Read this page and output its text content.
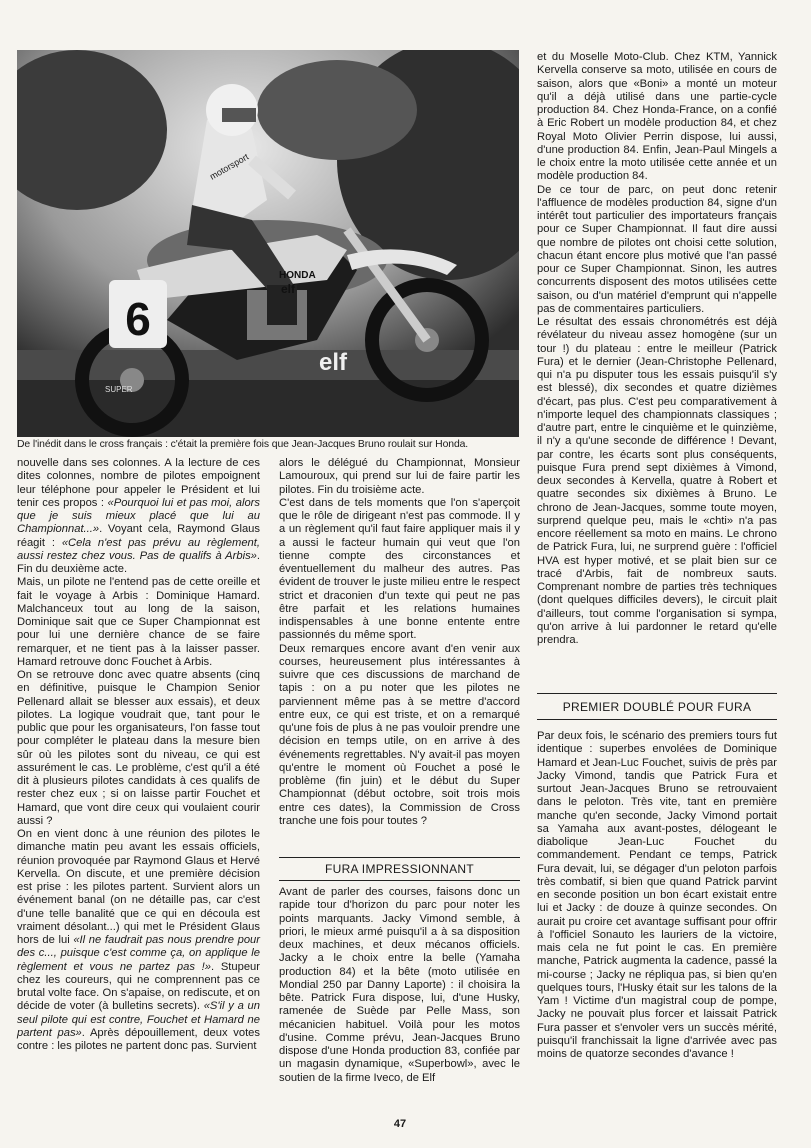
6
motorsport
HONDA
elf
elf
SUPER
De l'inédit dans le cross français : c'était la première fois que Jean-Jacques Bruno roulait sur Honda.

nouvelle dans ses colonnes. A la lecture de ces dites colonnes, nombre de pilotes empoignent leur téléphone pour appeler le Président et lui tenir ces propos : «Pourquoi lui et pas moi, alors que je suis mieux placé que lui au Championnat...». Voyant cela, Raymond Glaus réagit : «Cela n'est pas prévu au règlement, aussi restez chez vous. Pas de qualifs à Arbis». Fin du deuxième acte.

Mais, un pilote ne l'entend pas de cette oreille et fait le voyage à Arbis : Dominique Hamard. Malchanceux tout au long de la saison, Dominique sait que ce Super Championnat est pour lui une dernière chance de se faire remarquer, et ne tient pas à la laisser passer. Hamard retrouve donc Fouchet à Arbis.

On se retrouve donc avec quatre absents (cinq en définitive, puisque le Champion Senior Pellenard allait se blesser aux essais), et deux pilotes. La logique voudrait que, tant pour le public que pour les organisateurs, l'on fasse tout pour compléter le plateau dans la mesure bien sûr où les pilotes sont du niveau, ce qui est assurément le cas. Le problème, c'est qu'il a été dit à plusieurs pilotes candidats à ces qualifs de rester chez eux ; si on laisse partir Fouchet et Hamard, que vont dire ceux qui voulaient courir aussi ?

On en vient donc à une réunion des pilotes le dimanche matin peu avant les essais officiels, réunion provoquée par Raymond Glaus et Hervé Kervella. On discute, et une première décision est prise : les pilotes partent. Survient alors un événement banal (on ne détaille pas, car c'est d'une telle banalité que ce qui en découla est vraiment désolant...) qui met le Président Glaus hors de lui «Il ne faudrait pas nous prendre pour des c..., puisque c'est comme ça, on applique le règlement et vous ne partez pas !». Stupeur chez les coureurs, qui ne comprennent pas ce brutal volte face. On s'apaise, on rediscute, et on décide de voter (à bulletins secrets). «S'il y a un seul pilote qui est contre, Fouchet et Hamard ne partent pas». Après dépouillement, deux votes contre : les pilotes ne partent donc pas. Survient

alors le délégué du Championnat, Monsieur Lamouroux, qui prend sur lui de faire partir les pilotes. Fin du troisième acte.

C'est dans de tels moments que l'on s'aperçoit que le rôle de dirigeant n'est pas commode. Il y a un règlement qu'il faut faire appliquer mais il y a aussi le facteur humain qui veut que l'on tienne compte des circonstances et éventuellement du malheur des autres. Pas évident de trouver le juste milieu entre le respect strict et draconien d'un texte qui peut ne pas être parfait et les relations humaines indispensables à une bonne entente entre passionnés du même sport.

Deux remarques encore avant d'en venir aux courses, heureusement plus intéressantes à suivre que ces discussions de marchand de tapis : on a pu noter que les pilotes ne parviennent même pas à se mettre d'accord entre eux, ce qui est triste, et on a remarqué qu'une fois de plus à ne pas vouloir prendre une décision en temps utile, on en arrive à des événements regrettables. N'y avait-il pas moyen qu'entre le moment où Fouchet a posé le problème (fin juin) et le début du Super Championnat (début octobre, soit trois mois entre ces dates), la Commission de Cross tranche une fois pour toutes ?

FURA IMPRESSIONNANT

Avant de parler des courses, faisons donc un rapide tour d'horizon du parc pour noter les points marquants. Jacky Vimond semble, à priori, le mieux armé puisqu'il a à sa disposition deux machines, et deux mécanos officiels. Jacky a le choix entre la belle (Yamaha production 84) et la bête (moto utilisée en Mondial 250 par Danny Laporte) : il choisira la bête. Patrick Fura dispose, lui, d'une Husky, ramenée de Suède par Pelle Mass, son mécanicien habituel. Voilà pour les motos d'usine. Comme prévu, Jean-Jacques Bruno dispose d'une Honda production 83, confiée par un magasin dynamique, «Superbowl», avec le soutien de la firme Iveco, de Elf

et du Moselle Moto-Club. Chez KTM, Yannick Kervella conserve sa moto, utilisée en cours de saison, alors que «Boni» a monté un moteur qu'il a déjà utilisé dans une partie-cycle production 84. Chez Honda-France, on a confié à Eric Robert un modèle production 84, et chez Royal Moto Olivier Perrin dispose, lui aussi, d'une production 84. Enfin, Jean-Paul Mingels a le choix entre la moto utilisée cette année et un modèle production 84.

De ce tour de parc, on peut donc retenir l'affluence de modèles production 84, signe d'un intérêt tout particulier des importateurs français pour ce Super Championnat. Il faut dire aussi que nombre de pilotes ont choisi cette solution, chacun étant encore plus motivé que l'an passé pour ce Super Championnat. Sinon, les autres concurrents disposent des motos utilisées cette saison, ou d'un matériel d'emprunt qui n'appelle pas de commentaires particuliers.

Le résultat des essais chronométrés est déjà révélateur du niveau assez homogène (sur un tour !) du plateau : entre le meilleur (Patrick Fura) et le dernier (Jean-Christophe Pellenard, qui n'a pu disputer tous les essais puisqu'il s'y est blessé), dix secondes et quatre dizièmes d'écart, pas plus. C'est peu comparativement à n'importe lequel des championnats classiques ; d'autre part, entre le cinquième et le quinzième, il n'y a qu'une seconde de différence ! Devant, par contre, les écarts sont plus conséquents, puisque Fura prend sept dixièmes à Vimond, deux secondes à Kervella, quatre à Robert et quatre secondes six dixièmes à Bruno. Le chrono de Jean-Jacques, somme toute moyen, surprend quelque peu, mais le «chti» n'a pas encore réellement sa moto en mains. Le chrono de Patrick Fura, lui, ne surprend guère : l'officiel HVA est hyper motivé, et se plait bien sur ce tracé d'Arbis, fait de nombreux sauts. Comprenant nombre de parties très techniques (dont quelques difficiles devers), le circuit plait d'ailleurs, tout comme l'organisation si sympa, qu'on arrive à lui pardonner le retard qu'elle prendra.

PREMIER DOUBLÉ POUR FURA

Par deux fois, le scénario des premiers tours fut identique : superbes envolées de Dominique Hamard et Jean-Luc Fouchet, suivis de près par Jacky Vimond, tandis que Patrick Fura et surtout Jean-Jacques Bruno se retrouvaient dans le peloton. Très vite, tant en première manche qu'en seconde, Jacky Vimond portait sa Yamaha aux avant-postes, délogeant le diabolique Jean-Luc Fouchet du commandement. Pendant ce temps, Patrick Fura devait, lui, se dégager d'un peloton parfois très combatif, si bien que quand Patrick parvint en seconde position un bon écart existait entre lui et Jacky : de douze à quinze secondes. On aurait pu croire cet avantage suffisant pour offrir à l'officiel Sonauto les lauriers de la victoire, mais cela ne fut point le cas. En première manche, Patrick augmenta la cadence, passé la mi-course ; Jacky ne répliqua pas, si bien qu'en quelques tours, l'Husky était sur les talons de la Yam ! Victime d'un magistral coup de pompe, Jacky ne pouvait plus forcer et laissait Patrick Fura passer et s'envoler vers un succès mérité, puisqu'il franchissait la ligne d'arrivée avec pas moins de quatorze secondes d'avance !

47
